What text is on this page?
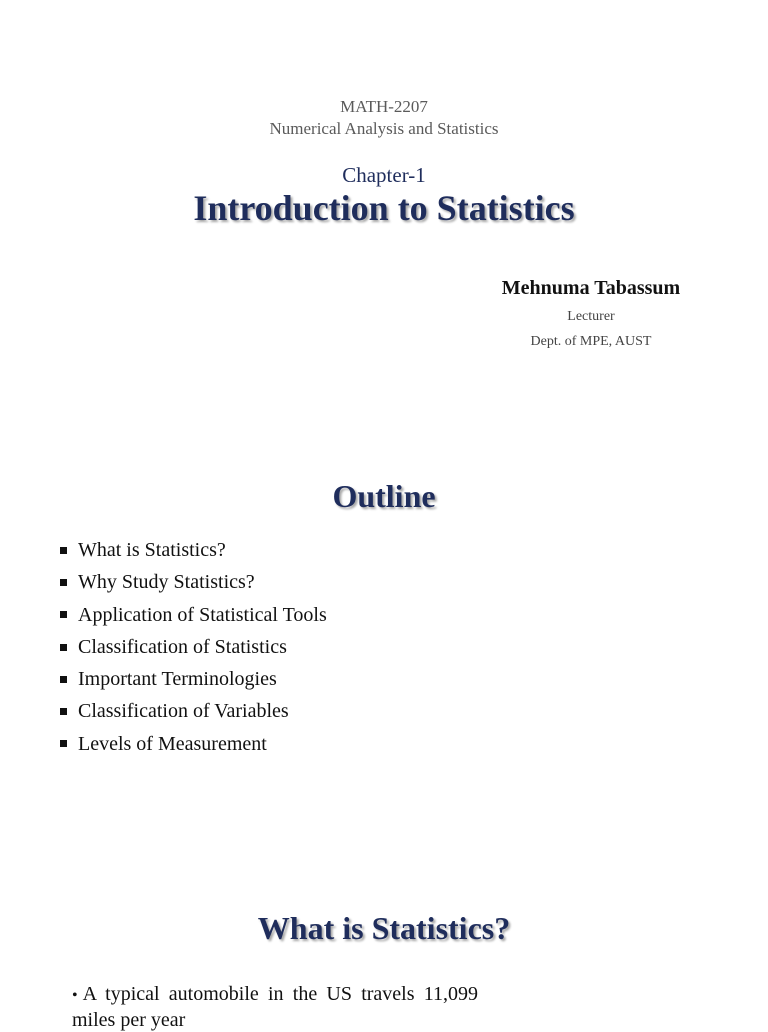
MATH-2207
Numerical Analysis and Statistics
Chapter-1
Introduction to Statistics
Mehnuma Tabassum
Lecturer
Dept. of MPE, AUST
Outline
What is Statistics?
Why Study Statistics?
Application of Statistical Tools
Classification of Statistics
Important Terminologies
Classification of Variables
Levels of Measurement
What is Statistics?
• A typical automobile in the US travels 11,099 miles per year
